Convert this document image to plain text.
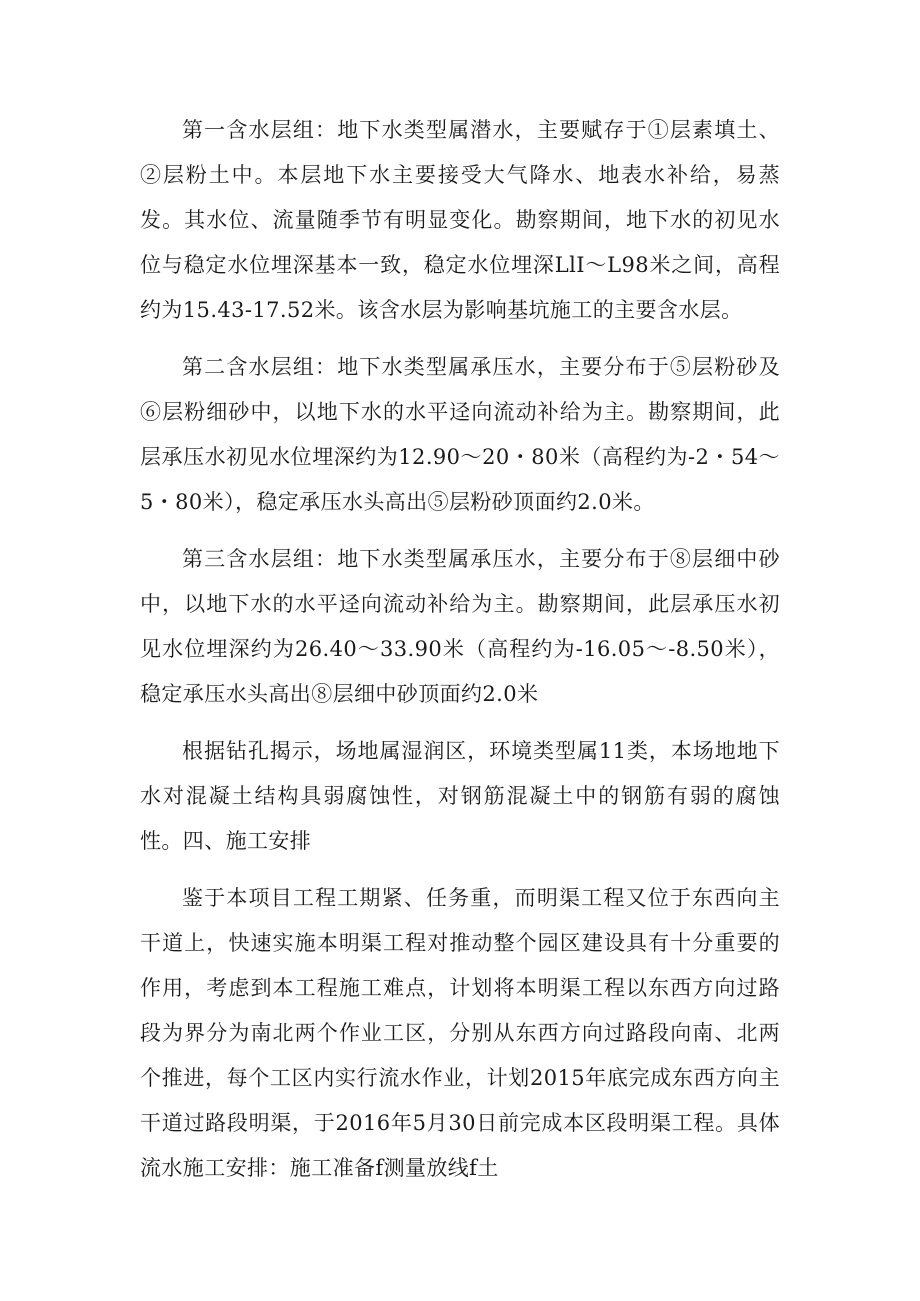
第一含水层组：地下水类型属潜水，主要赋存于①层素填土、②层粉土中。本层地下水主要接受大气降水、地表水补给，易蒸发。其水位、流量随季节有明显变化。勘察期间，地下水的初见水位与稳定水位埋深基本一致，稳定水位埋深LlI～L98米之间，高程约为15.43-17.52米。该含水层为影响基坑施工的主要含水层。

第二含水层组：地下水类型属承压水，主要分布于⑤层粉砂及⑥层粉细砂中，以地下水的水平迳向流动补给为主。勘察期间，此层承压水初见水位埋深约为12.90～20・80米（高程约为-2・54～5・80米），稳定承压水头高出⑤层粉砂顶面约2.0米。

第三含水层组：地下水类型属承压水，主要分布于⑧层细中砂中，以地下水的水平迳向流动补给为主。勘察期间，此层承压水初见水位埋深约为26.40～33.90米（高程约为-16.05～-8.50米），稳定承压水头高出⑧层细中砂顶面约2.0米

根据钻孔揭示，场地属湿润区，环境类型属11类，本场地地下水对混凝土结构具弱腐蚀性，对钢筋混凝土中的钢筋有弱的腐蚀性。四、施工安排

鉴于本项目工程工期紧、任务重，而明渠工程又位于东西向主干道上，快速实施本明渠工程对推动整个园区建设具有十分重要的作用，考虑到本工程施工难点，计划将本明渠工程以东西方向过路段为界分为南北两个作业工区，分别从东西方向过路段向南、北两个推进，每个工区内实行流水作业，计划2015年底完成东西方向主干道过路段明渠，于2016年5月30日前完成本区段明渠工程。具体流水施工安排：施工准备f测量放线f土
